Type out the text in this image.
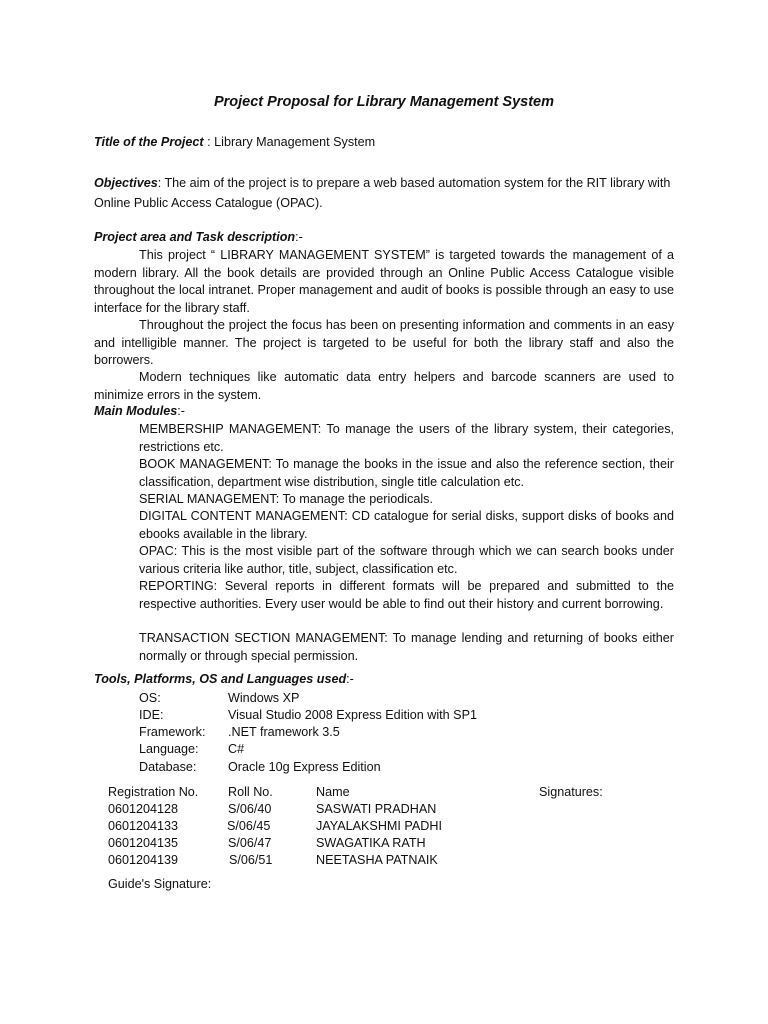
Project Proposal for Library Management System
Title of the Project : Library Management System
Objectives: The aim of the project is to prepare a web based automation system for the RIT library with Online Public Access Catalogue (OPAC).
Project area and Task description:-
This project “ LIBRARY MANAGEMENT SYSTEM” is targeted towards the management of a modern library. All the book details are provided through an Online Public Access Catalogue visible throughout the local intranet. Proper management and audit of books is possible through an easy to use interface for the library staff.
Throughout the project the focus has been on presenting information and comments in an easy and intelligible manner. The project is targeted to be useful for both the library staff and also the borrowers.
Modern techniques like automatic data entry helpers and barcode scanners are used to minimize errors in the system.
Main Modules:-
MEMBERSHIP MANAGEMENT: To manage the users of the library system, their categories, restrictions etc.
BOOK MANAGEMENT: To manage the books in the issue and also the reference section, their classification, department wise distribution, single title calculation etc.
SERIAL MANAGEMENT: To manage the periodicals.
DIGITAL CONTENT MANAGEMENT: CD catalogue for serial disks, support disks of books and ebooks available in the library.
OPAC: This is the most visible part of the software through which we can search books under various criteria like author, title, subject, classification etc.
REPORTING: Several reports in different formats will be prepared and submitted to the respective authorities. Every user would be able to find out their history and current borrowing.
TRANSACTION SECTION MANAGEMENT: To manage lending and returning of books either normally or through special permission.
Tools, Platforms, OS and Languages used:-
OS:	Windows XP
IDE:	Visual Studio 2008 Express Edition with SP1
Framework: .NET framework 3.5
Language: C#
Database:	Oracle 10g Express Edition
Registration No. Roll No.	Name	Signatures:
0601204128	S/06/40	SASWATI PRADHAN
0601204133	S/06/45	JAYALAKSHMI PADHI
0601204135	S/06/47	SWAGATIKA RATH
0601204139	S/06/51	NEETASHA PATNAIK
Guide's Signature:
